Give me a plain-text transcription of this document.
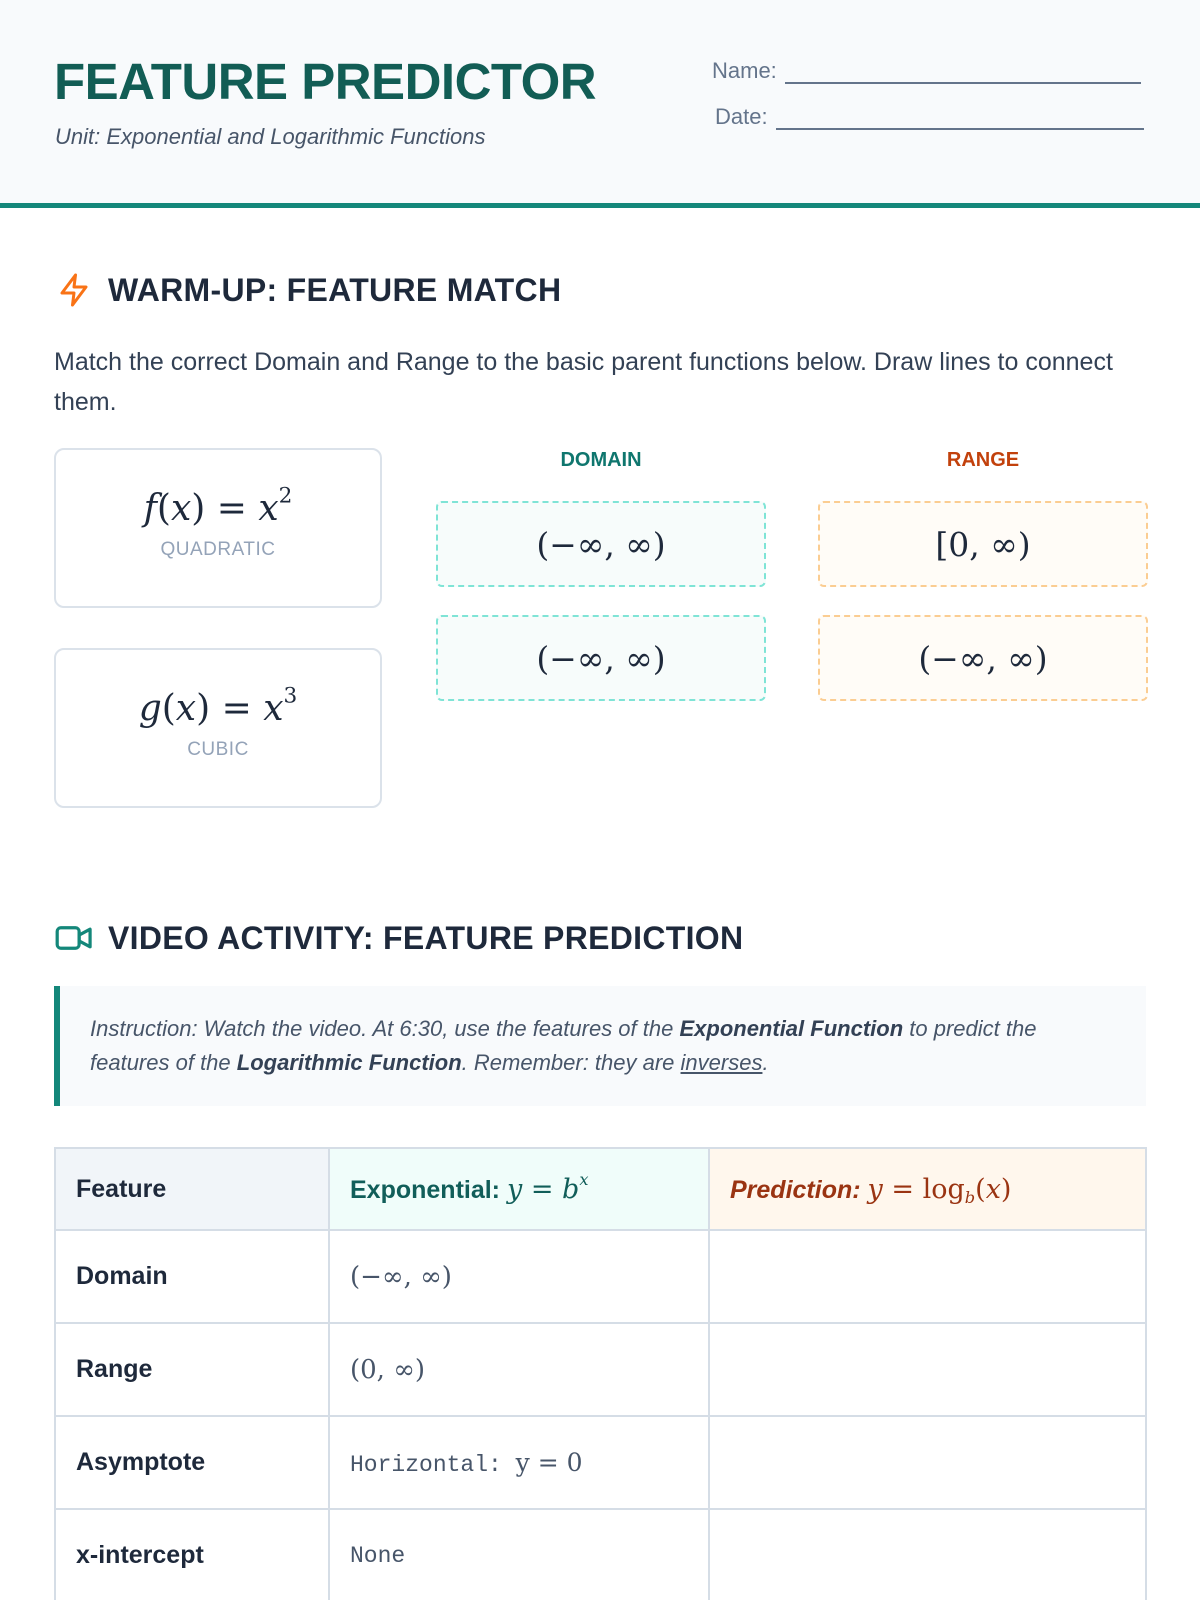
FEATURE PREDICTOR
Unit: Exponential and Logarithmic Functions
Name:
Date:
WARM-UP: FEATURE MATCH
Match the correct Domain and Range to the basic parent functions below. Draw lines to connect them.
$f(x) = x^2$
QUADRATIC
$g(x) = x^3$
CUBIC
DOMAIN	RANGE
(−∞, ∞)
(−∞, ∞)
[0, ∞)
(−∞, ∞)
VIDEO ACTIVITY: FEATURE PREDICTION
Instruction: Watch the video. At 6:30, use the features of the Exponential Function to predict the features of the Logarithmic Function. Remember: they are inverses.
Feature	Exponential: $y = b^x$	Prediction: $y = \log_b(x)$
Domain	(−∞, ∞)	
Range	(0, ∞)	
Asymptote	Horizontal: y = 0	
x-intercept	None	
